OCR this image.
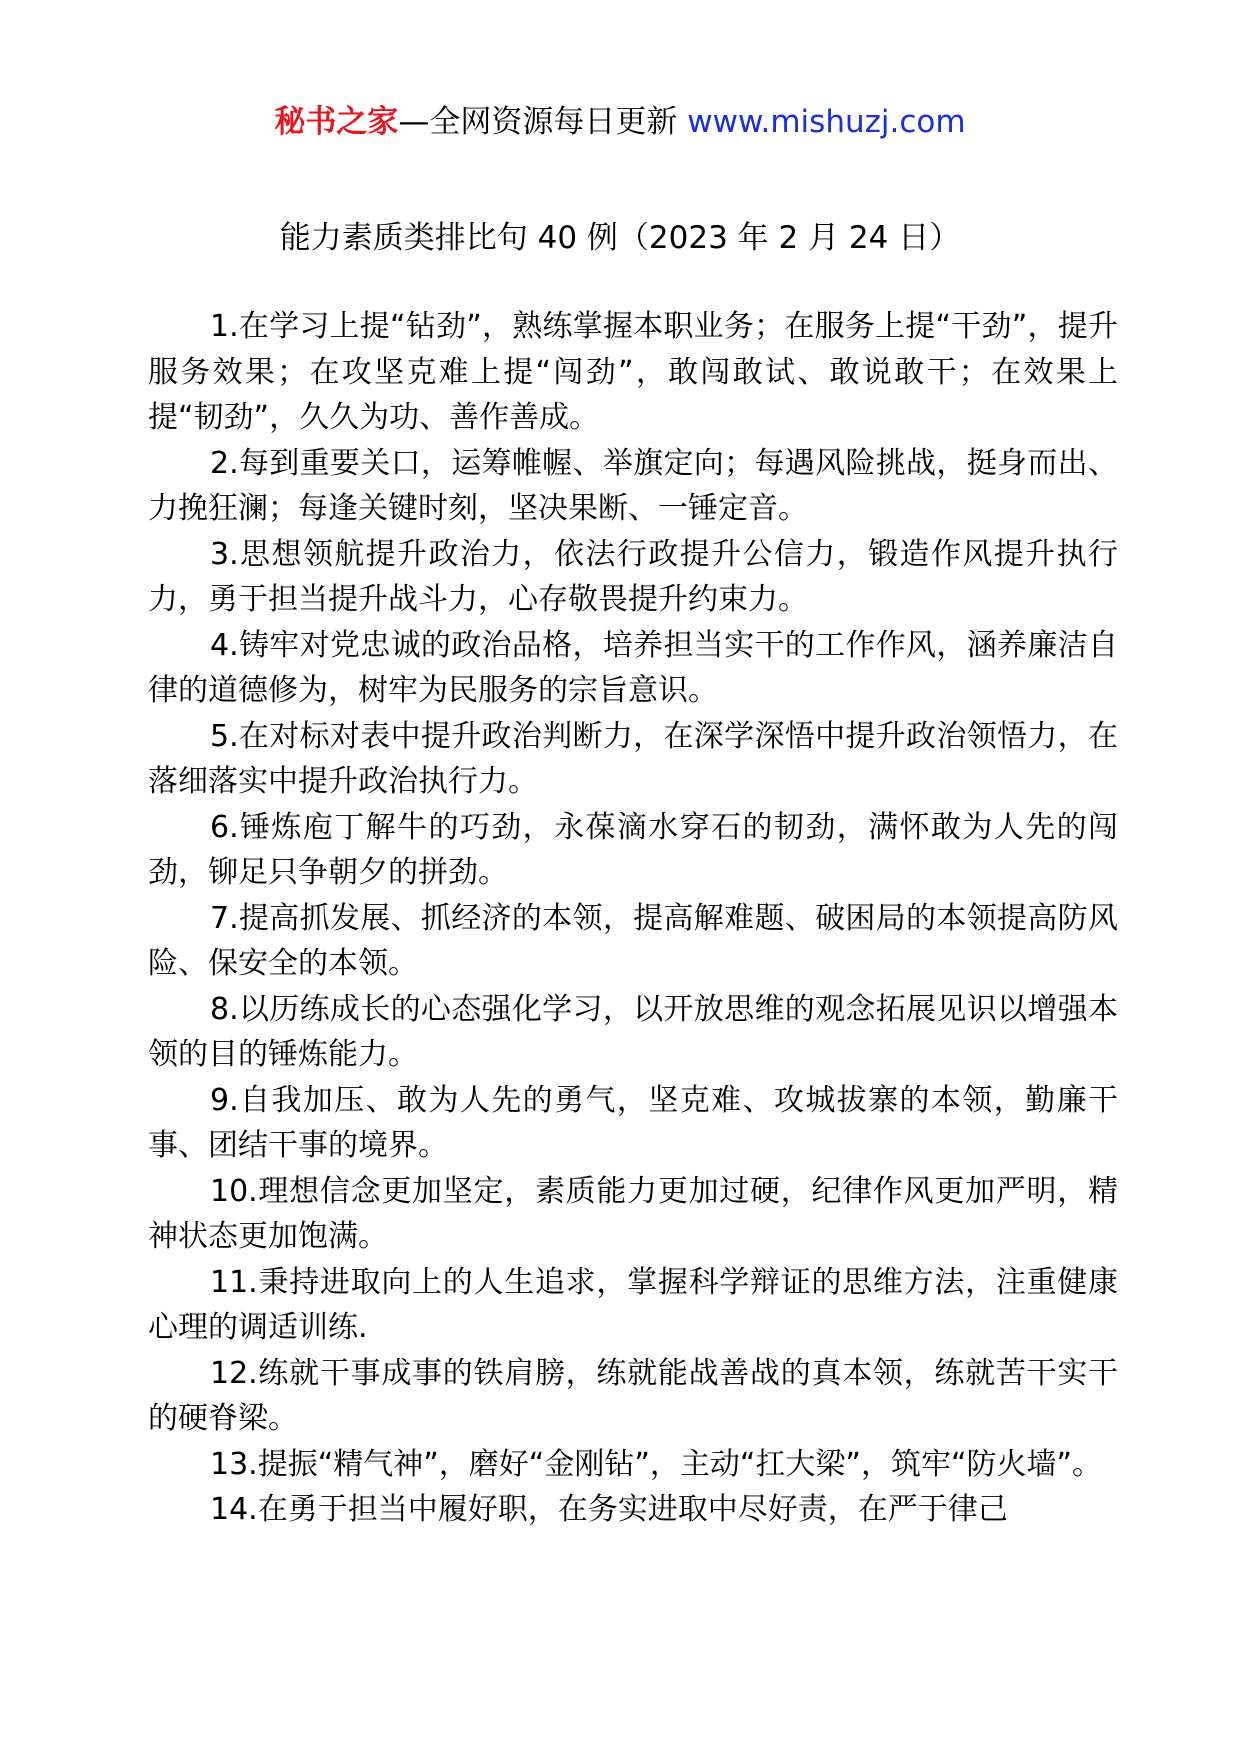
秘书之家—全网资源每日更新 www.mishuzj.com
能力素质类排比句 40 例（2023 年 2 月 24 日）

1.在学习上提“钻劲”，熟练掌握本职业务；在服务上提“干劲”，提升服务效果；在攻坚克难上提“闯劲”，敢闯敢试、敢说敢干；在效果上提“韧劲”，久久为功、善作善成。

2.每到重要关口，运筹帷幄、举旗定向；每遇风险挑战，挺身而出、力挽狂澜；每逢关键时刻，坚决果断、一锤定音。

3.思想领航提升政治力，依法行政提升公信力，锻造作风提升执行力，勇于担当提升战斗力，心存敬畏提升约束力。

4.铸牢对党忠诚的政治品格，培养担当实干的工作作风，涵养廉洁自律的道德修为，树牢为民服务的宗旨意识。

5.在对标对表中提升政治判断力，在深学深悟中提升政治领悟力，在落细落实中提升政治执行力。

6.锤炼庖丁解牛的巧劲，永葆滴水穿石的韧劲，满怀敢为人先的闯劲，铆足只争朝夕的拼劲。

7.提高抓发展、抓经济的本领，提高解难题、破困局的本领提高防风险、保安全的本领。

8.以历练成长的心态强化学习，以开放思维的观念拓展见识以增强本领的目的锤炼能力。

9.自我加压、敢为人先的勇气，坚克难、攻城拔寨的本领，勤廉干事、团结干事的境界。

10.理想信念更加坚定，素质能力更加过硬，纪律作风更加严明，精神状态更加饱满。

11.秉持进取向上的人生追求，掌握科学辩证的思维方法，注重健康心理的调适训练.

12.练就干事成事的铁肩膀，练就能战善战的真本领，练就苦干实干的硬脊梁。

13.提振“精气神”，磨好“金刚钻”，主动“扛大梁”，筑牢“防火墙”。

14.在勇于担当中履好职，在务实进取中尽好责，在严于律己
